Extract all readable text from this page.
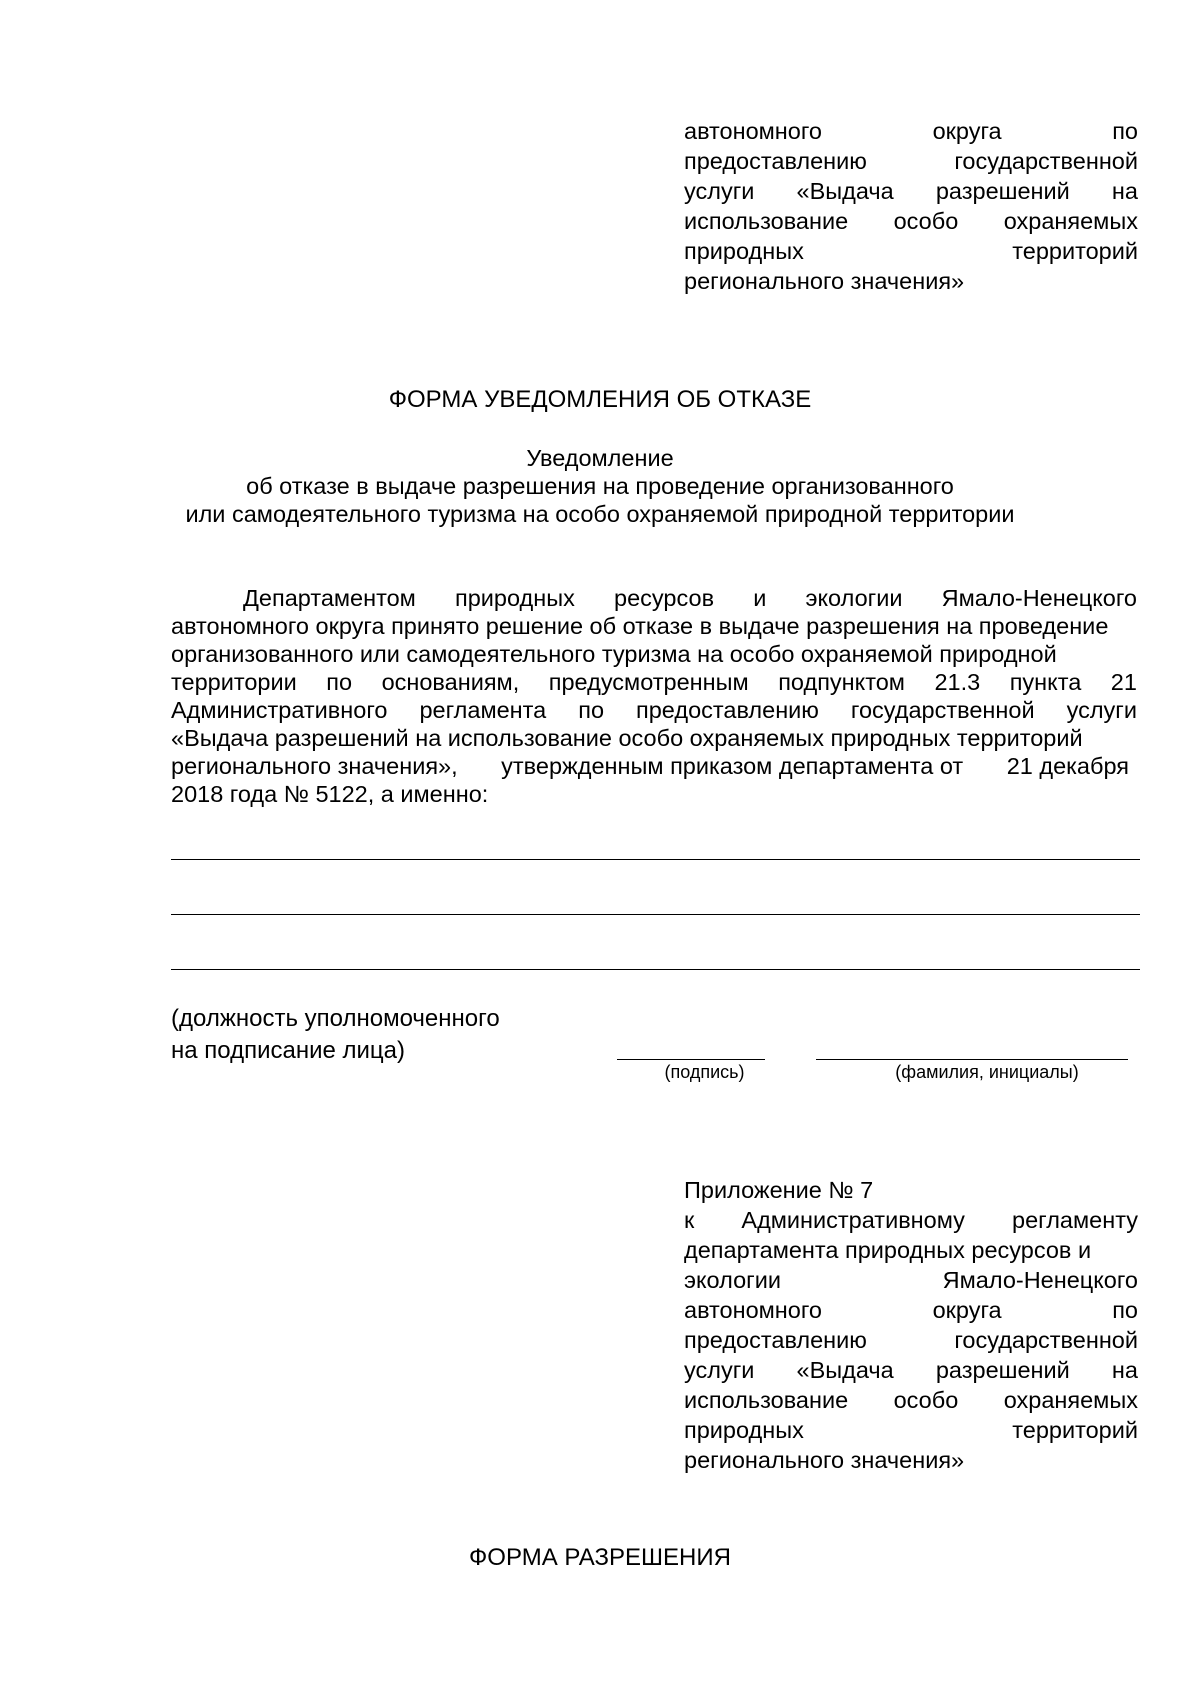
автономного	округа	по
предоставлению	государственной
услуги «Выдача разрешений на
использование особо охраняемых
природных	территорий
регионального значения»
ФОРМА УВЕДОМЛЕНИЯ ОБ ОТКАЗЕ
Уведомление
об отказе в выдаче разрешения на проведение организованного
или самодеятельного туризма на особо охраняемой природной территории
Департаментом природных ресурсов и экологии Ямало-Ненецкого
автономного округа принято решение об отказе в выдаче разрешения на проведение
организованного или самодеятельного туризма на особо охраняемой природной
территории по основаниям, предусмотренным подпунктом 21.3 пункта 21
Административного регламента по предоставлению государственной услуги
«Выдача разрешений на использование особо охраняемых природных территорий
регионального значения», утвержденным приказом департамента от 21 декабря
2018 года № 5122, а именно:
(должность уполномоченного
на подписание лица)
(подпись)	(фамилия, инициалы)
Приложение № 7
к Административному регламенту
департамента природных ресурсов и
экологии	Ямало-Ненецкого
автономного	округа	по
предоставлению	государственной
услуги «Выдача разрешений на
использование особо охраняемых
природных	территорий
регионального значения»
ФОРМА РАЗРЕШЕНИЯ
